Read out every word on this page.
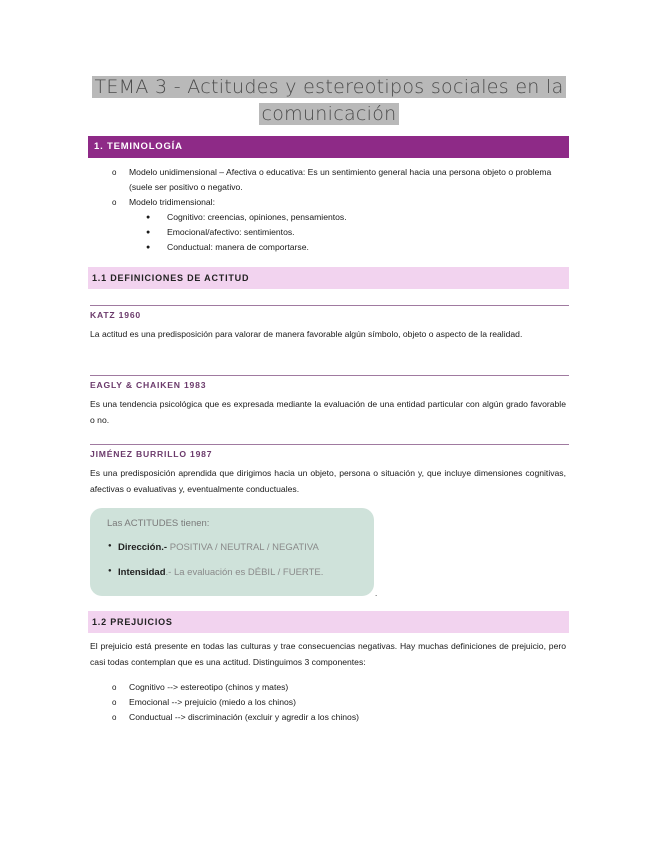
TEMA 3 - Actitudes y estereotipos sociales en la
comunicación
1. TEMINOLOGÍA
o Modelo unidimensional – Afectiva o educativa: Es un sentimiento general hacia una persona objeto o problema (suele ser positivo o negativo.
o Modelo tridimensional:
● Cognitivo: creencias, opiniones, pensamientos.
● Emocional/afectivo: sentimientos.
● Conductual: manera de comportarse.
1.1 DEFINICIONES DE ACTITUD
KATZ 1960
La actitud es una predisposición para valorar de manera favorable algún símbolo, objeto o aspecto de la realidad.
EAGLY & CHAIKEN 1983
Es una tendencia psicológica que es expresada mediante la evaluación de una entidad particular con algún grado favorable o no.
JIMÉNEZ BURRILLO 1987
Es una predisposición aprendida que dirigimos hacia un objeto, persona o situación y, que incluye dimensiones cognitivas, afectivas o evaluativas y, eventualmente conductuales.
Las ACTITUDES tienen:
● Dirección.- POSITIVA / NEUTRAL / NEGATIVA
● Intensidad.- La evaluación es DÉBIL / FUERTE.
.
1.2 PREJUICIOS
El prejuicio está presente en todas las culturas y trae consecuencias negativas. Hay muchas definiciones de prejuicio, pero casi todas contemplan que es una actitud. Distinguimos 3 componentes:
o Cognitivo --> estereotipo (chinos y mates)
o Emocional --> prejuicio (miedo a los chinos)
o Conductual --> discriminación (excluir y agredir a los chinos)
